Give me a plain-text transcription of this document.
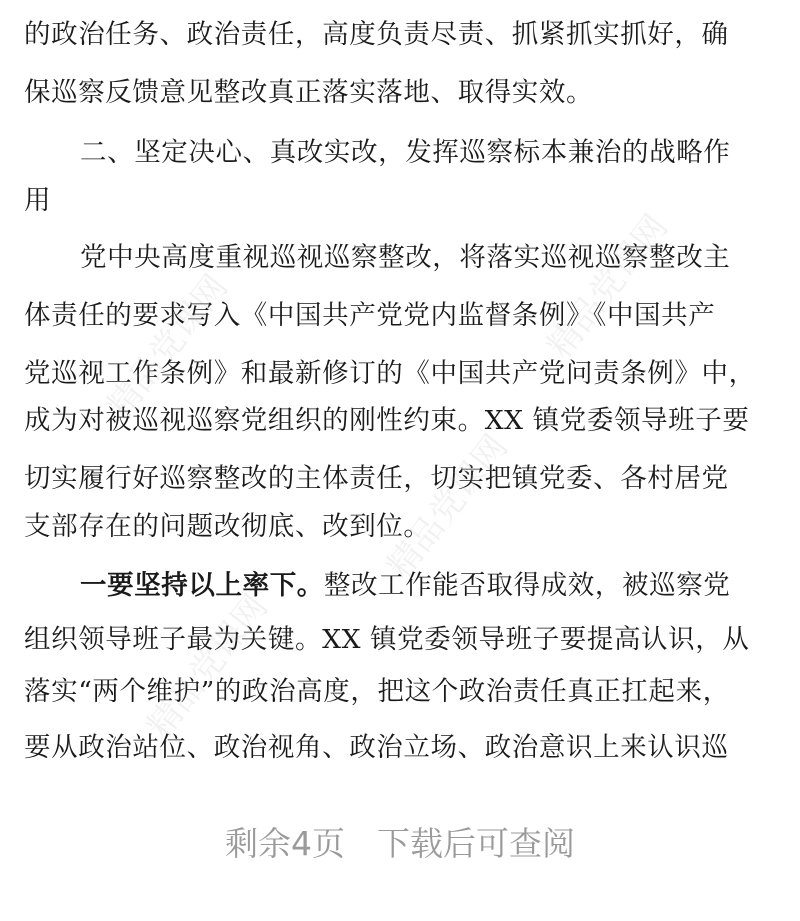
的政治任务、政治责任，高度负责尽责、抓紧抓实抓好，确
保巡察反馈意见整改真正落实落地、取得实效。
二、坚定决心、真改实改，发挥巡察标本兼治的战略作
用
党中央高度重视巡视巡察整改，将落实巡视巡察整改主
体责任的要求写入《中国共产党党内监督条例》《中国共产
党巡视工作条例》和最新修订的《中国共产党问责条例》中，
成为对被巡视巡察党组织的刚性约束。XX 镇党委领导班子要
切实履行好巡察整改的主体责任，切实把镇党委、各村居党
支部存在的问题改彻底、改到位。
一要坚持以上率下。整改工作能否取得成效，被巡察党
组织领导班子最为关键。XX 镇党委领导班子要提高认识，从
落实“两个维护”的政治高度，把这个政治责任真正扛起来，
要从政治站位、政治视角、政治立场、政治意识上来认识巡
精品党课网	精品党课网
精品党课网
精品党课网
剩余4页 下载后可查阅
